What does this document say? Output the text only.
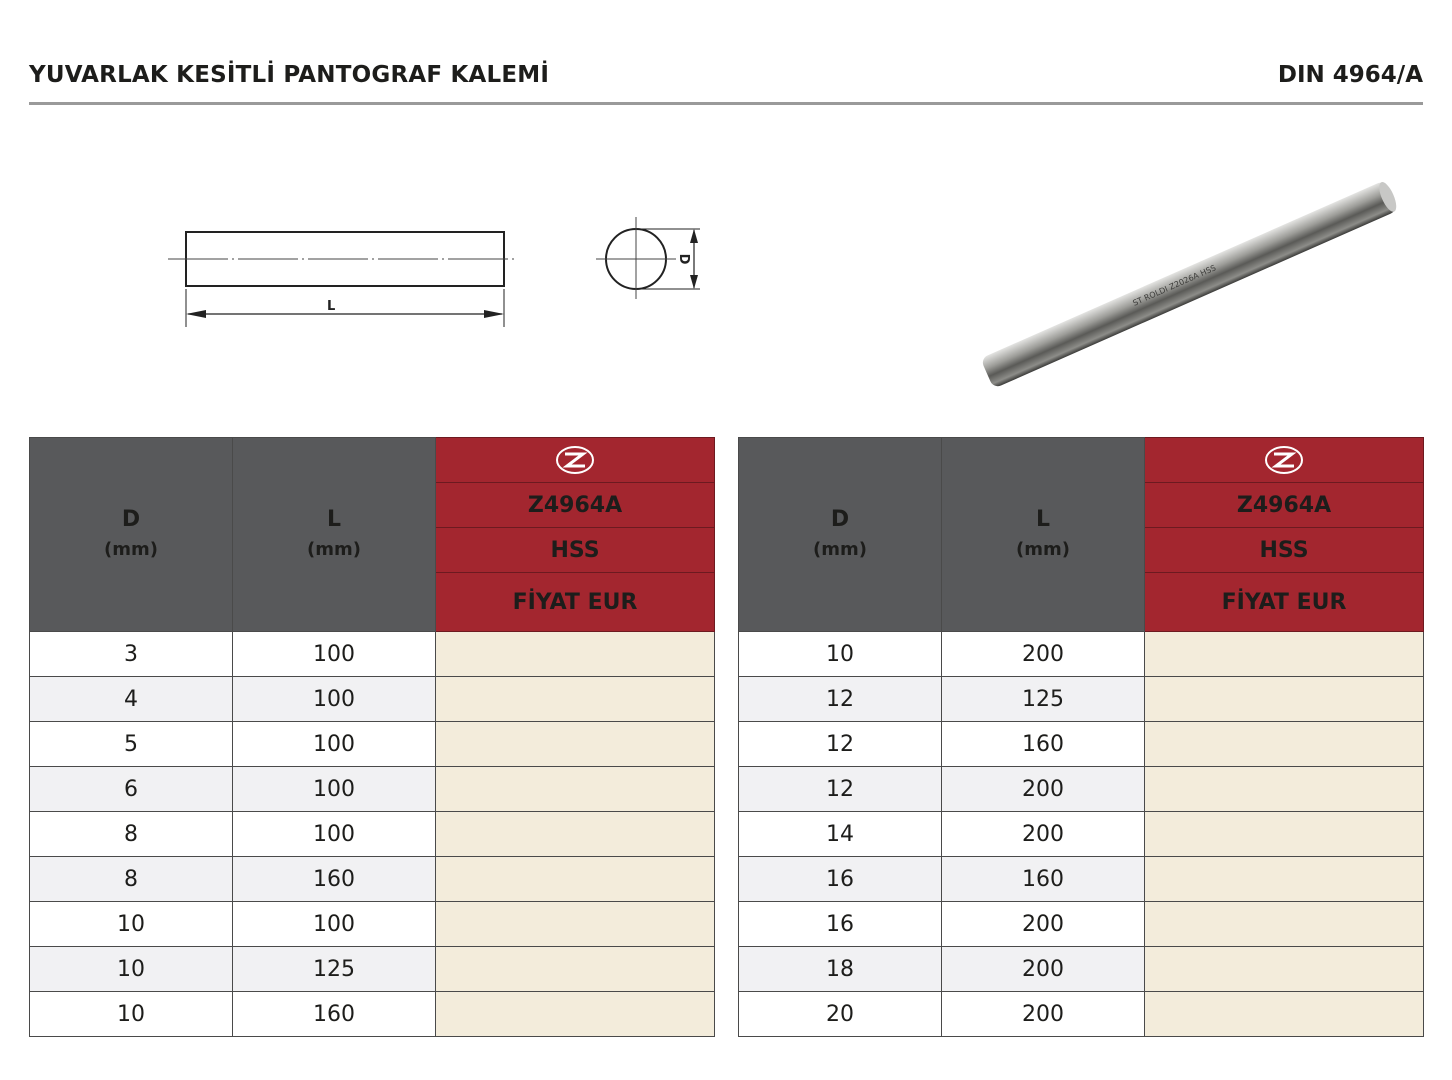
YUVARLAK KESİTLİ PANTOGRAF KALEMİ	DIN 4964/A
L
D
ST ROLDI Z2026A HSS
D
(mm)	L
(mm)

		Z4964A
		HSS
		FİYAT EUR
3	100	
4	100	
5	100	
6	100	
8	100	
8	160	
10	100	
10	125	
10	160	
D
(mm)	L
(mm)

		Z4964A
		HSS
		FİYAT EUR
10	200	
12	125	
12	160	
12	200	
14	200	
16	160	
16	200	
18	200	
20	200	
